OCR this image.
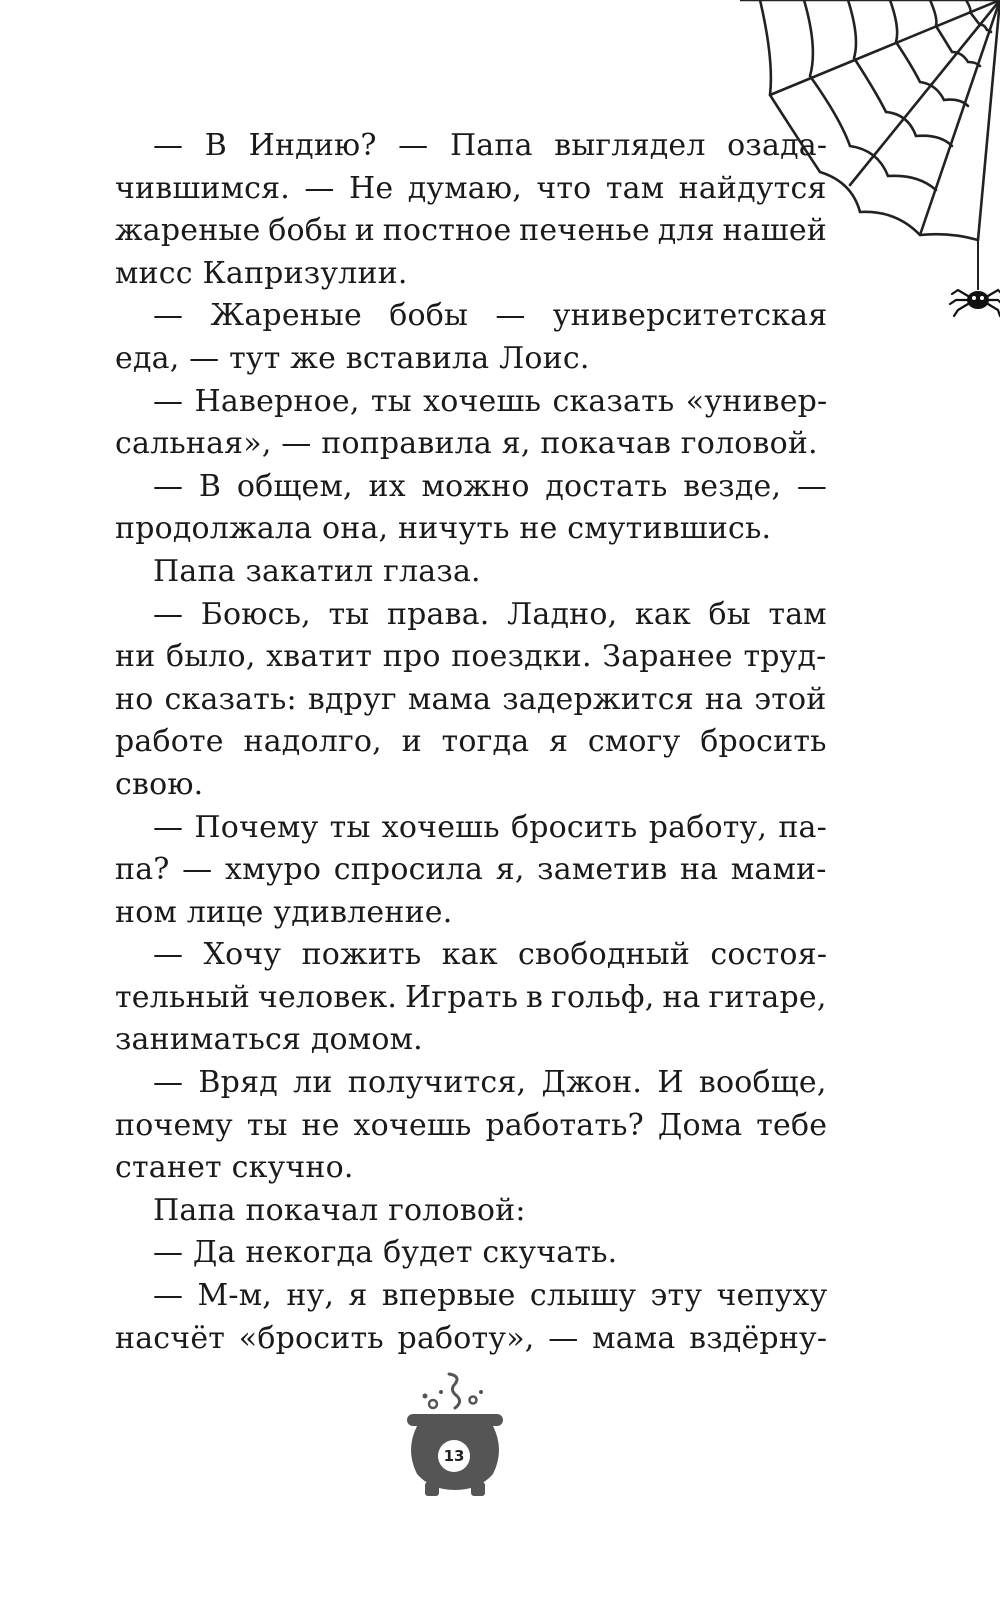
— В Индию? — Папа выглядел озада-
чившимся. — Не думаю, что там найдутся
жареные бобы и постное печенье для нашей
мисс Капризулии.
— Жареные бобы — университетская
еда, — тут же вставила Лоис.
— Наверное, ты хочешь сказать «универ-
сальная», — поправила я, покачав головой.
— В общем, их можно достать везде, —
продолжала она, ничуть не смутившись.
Папа закатил глаза.
— Боюсь, ты права. Ладно, как бы там
ни было, хватит про поездки. Заранее труд-
но сказать: вдруг мама задержится на этой
работе надолго, и тогда я смогу бросить
свою.
— Почему ты хочешь бросить работу, па-
па? — хмуро спросила я, заметив на мами-
ном лице удивление.
— Хочу пожить как свободный состоя-
тельный человек. Играть в гольф, на гитаре,
заниматься домом.
— Вряд ли получится, Джон. И вообще,
почему ты не хочешь работать? Дома тебе
станет скучно.
Папа покачал головой:
— Да некогда будет скучать.
— М-м, ну, я впервые слышу эту чепуху
насчёт «бросить работу», — мама вздёрну-
13
